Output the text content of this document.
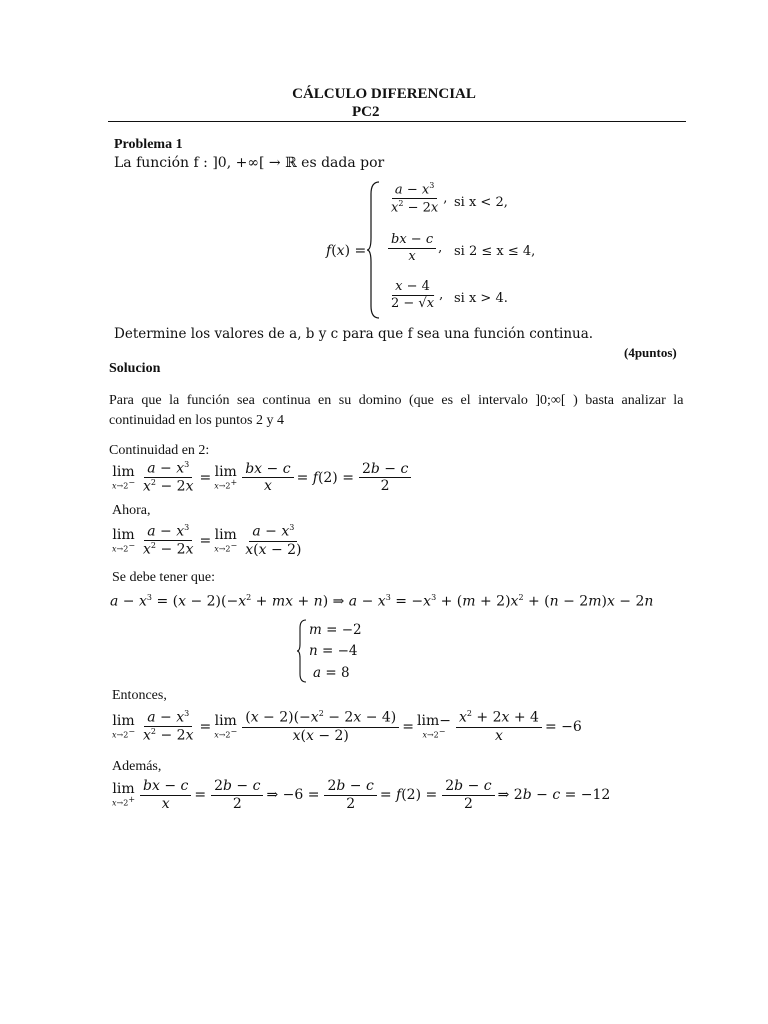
CÁLCULO DIFERENCIAL
PC2
Problema 1
La función f : ]0, +∞[ → ℝ es dada por
f(x) =
$\frac{a - x^3}{x^2 - 2x}$ , si x < 2,
$\frac{bx - c}{x}$ , si 2 ≤ x ≤ 4,
$\frac{x - 4}{2 - √x}$ , si x > 4.
Determine los valores de a, b y c para que f sea una función continua.
(4puntos)
Solucion
Para que la función sea continua en su domino (que es el intervalo ]0;∞[ ) basta analizar la
continuidad en los puntos 2 y 4
Continuidad en 2:
lim
$x\to 2^- \frac{a - x^3}{x^2 - 2x} = \lim$
$x\to 2^+ \frac{bx - c}{x} = f(2) = \frac{2b - c}{2}$
Ahora,
lim
$x\to 2^- \frac{a - x^3}{x^2 - 2x} = \lim$
$x\to 2^- \frac{a - x^3}{x(x - 2)}$
Se debe tener que:
$a - x^3 = (x - 2)(-x^2$ + mx + n) ⇒ $a - x^3 = -x^3 + (m + 2)x^2 + (n - 2m)x - 2n$
m = −2
n = −4
a = 8
Entonces,
lim
$x\to 2^- \frac{a - x^3}{x^2 - 2x} = \lim$
$x\to 2^- \frac{(x - 2)(-x^2 - 2x - 4)}{x(x - 2)} = \lim-$
$x\to 2^- \frac{x^2 + 2x + 4}{x} = -6$
Además,
lim
$x\to 2^+ \frac{bx - c}{x} = \frac{2b - c}{2}$ ⇒ $-6 = \frac{2b - c}{2} = f(2) = \frac{2b - c}{2}$ ⇒ 2b − c = −12
